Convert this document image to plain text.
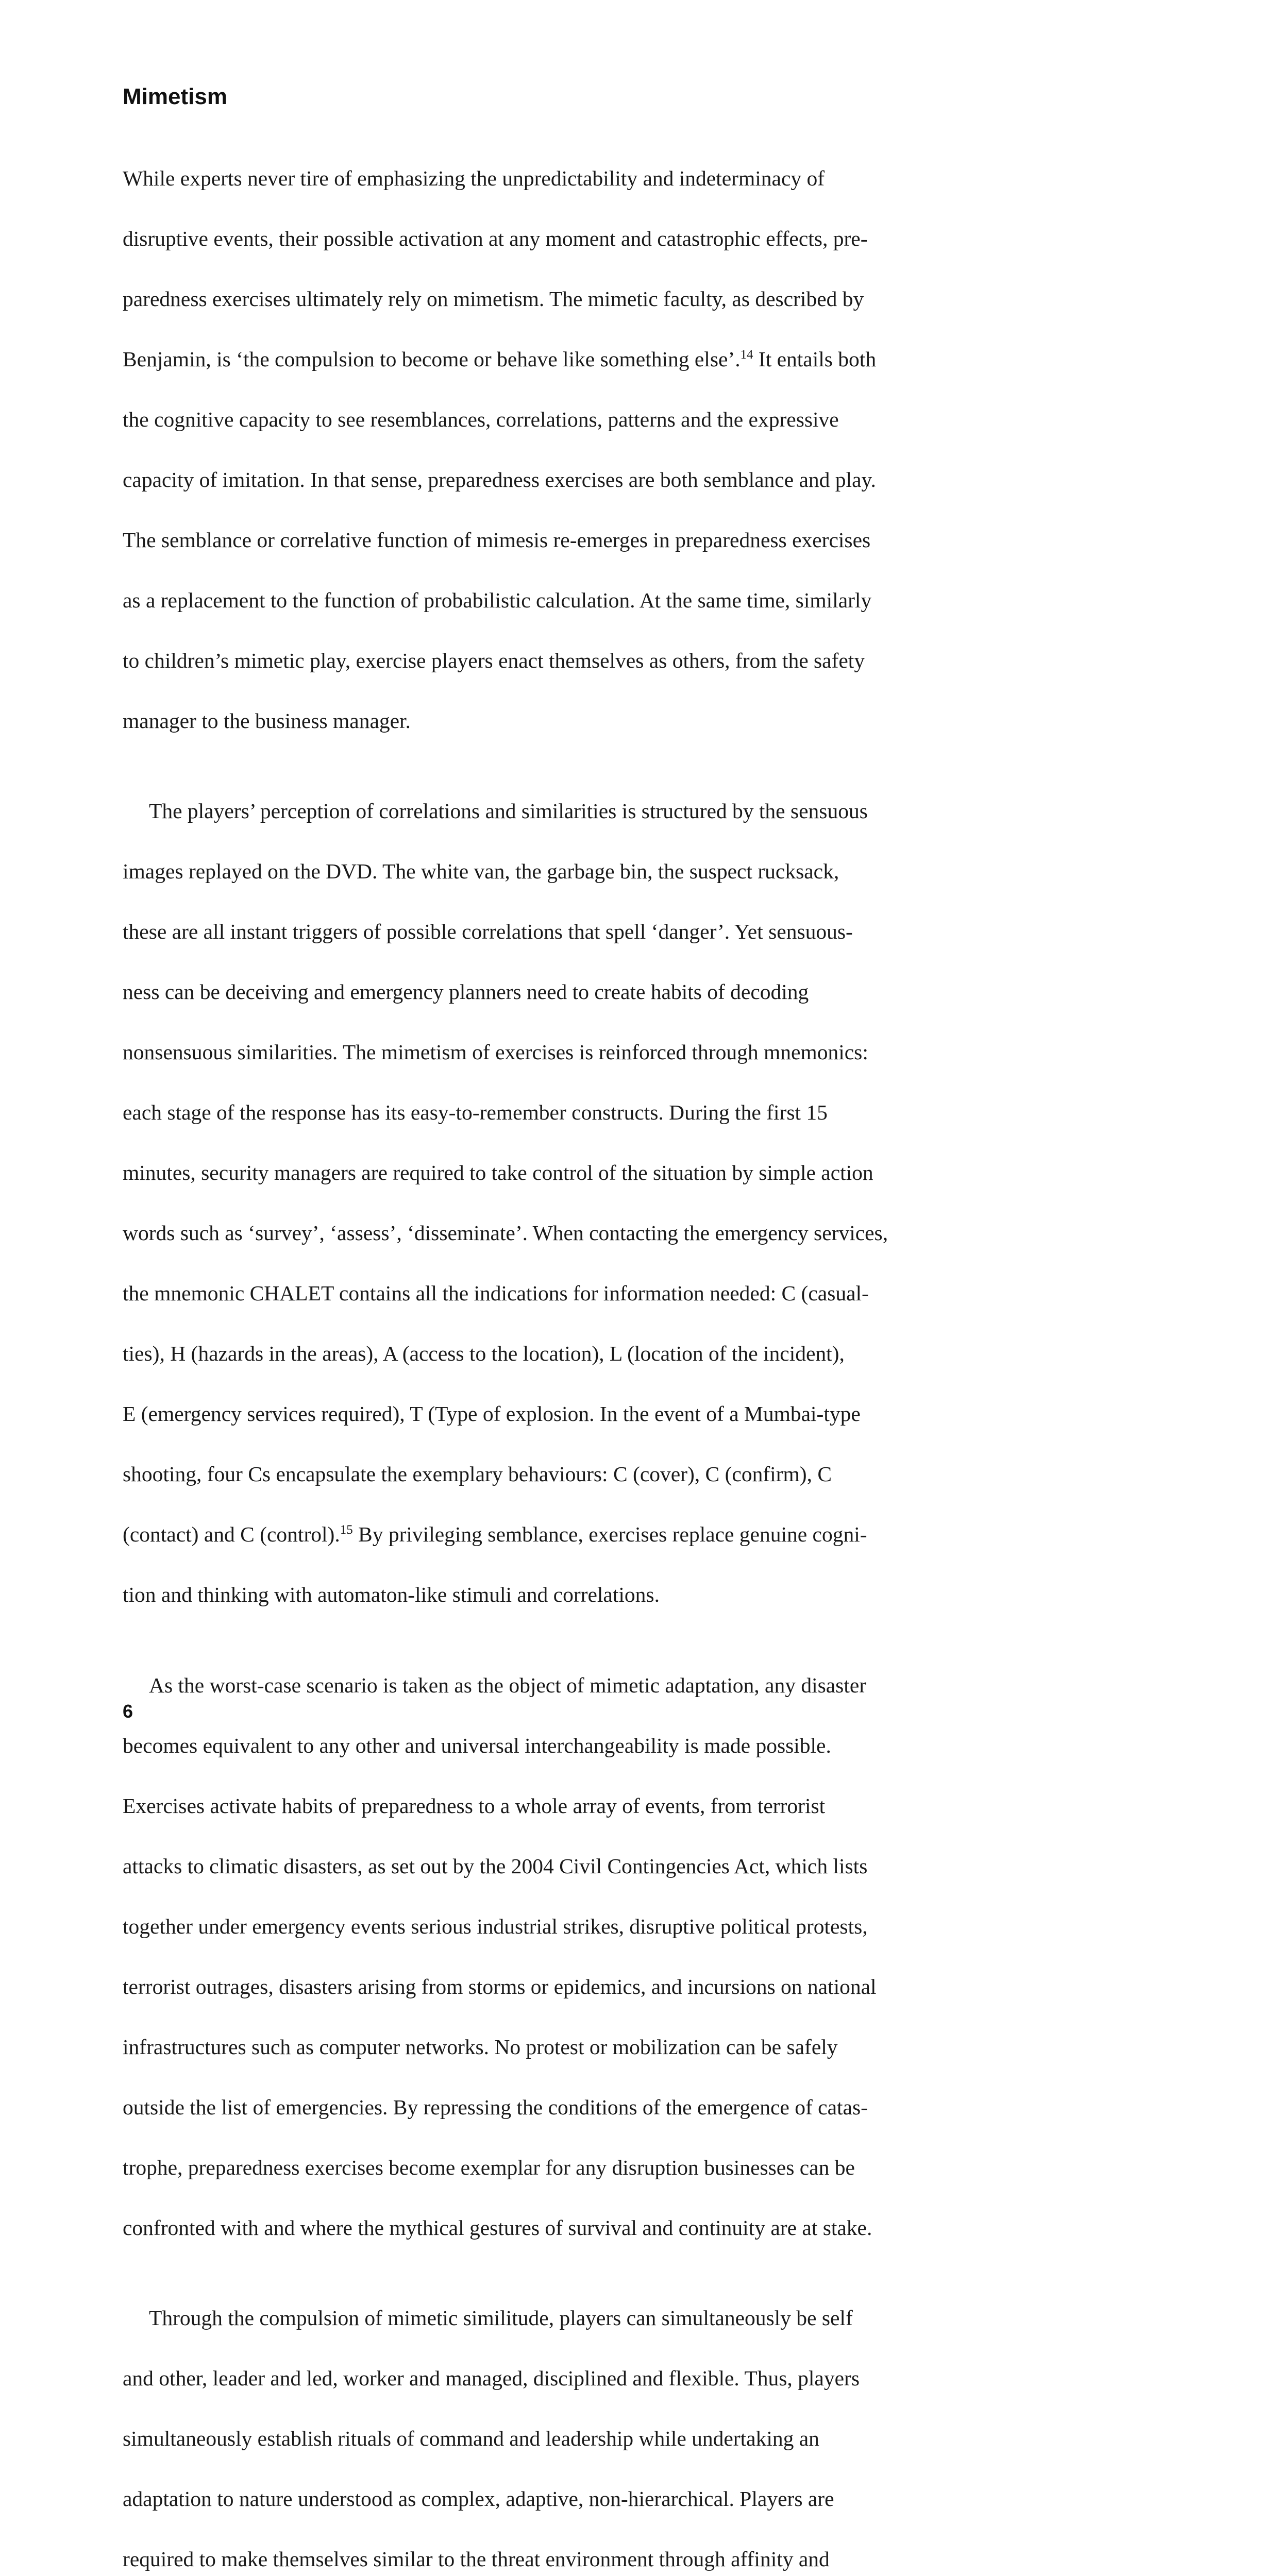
Mimetism

While experts never tire of emphasizing the unpredictability and indeterminacy of

disruptive events, their possible activation at any moment and catastrophic effects, pre-

paredness exercises ultimately rely on mimetism. The mimetic faculty, as described by

Benjamin, is ‘the compulsion to become or behave like something else’.$^{14}$ It entails both

the cognitive capacity to see resemblances, correlations, patterns and the expressive

capacity of imitation. In that sense, preparedness exercises are both semblance and play.

The semblance or correlative function of mimesis re-emerges in preparedness exercises

as a replacement to the function of probabilistic calculation. At the same time, similarly

to children’s mimetic play, exercise players enact themselves as others, from the safety

manager to the business manager.

The players’ perception of correlations and similarities is structured by the sensuous

images replayed on the DVD. The white van, the garbage bin, the suspect rucksack,

these are all instant triggers of possible correlations that spell ‘danger’. Yet sensuous-

ness can be deceiving and emergency planners need to create habits of decoding

nonsensuous similarities. The mimetism of exercises is reinforced through mnemonics:

each stage of the response has its easy-to-remember constructs. During the first 15

minutes, security managers are required to take control of the situation by simple action

words such as ‘survey’, ‘assess’, ‘disseminate’. When contacting the emergency services,

the mnemonic CHALET contains all the indications for information needed: C (casual-

ties), H (hazards in the areas), A (access to the location), L (location of the incident),

E (emergency services required), T (Type of explosion. In the event of a Mumbai-type

shooting, four Cs encapsulate the exemplary behaviours: C (cover), C (confirm), C

(contact) and C (control).$^{15}$ By privileging semblance, exercises replace genuine cogni-

tion and thinking with automaton-like stimuli and correlations.

As the worst-case scenario is taken as the object of mimetic adaptation, any disaster

becomes equivalent to any other and universal interchangeability is made possible.

Exercises activate habits of preparedness to a whole array of events, from terrorist

attacks to climatic disasters, as set out by the 2004 Civil Contingencies Act, which lists

together under emergency events serious industrial strikes, disruptive political protests,

terrorist outrages, disasters arising from storms or epidemics, and incursions on national

infrastructures such as computer networks. No protest or mobilization can be safely

outside the list of emergencies. By repressing the conditions of the emergence of catas-

trophe, preparedness exercises become exemplar for any disruption businesses can be

confronted with and where the mythical gestures of survival and continuity are at stake.

Through the compulsion of mimetic similitude, players can simultaneously be self

and other, leader and led, worker and managed, disciplined and flexible. Thus, players

simultaneously establish rituals of command and leadership while undertaking an

adaptation to nature understood as complex, adaptive, non-hierarchical. Players are

required to make themselves similar to the threat environment through affinity and

6
